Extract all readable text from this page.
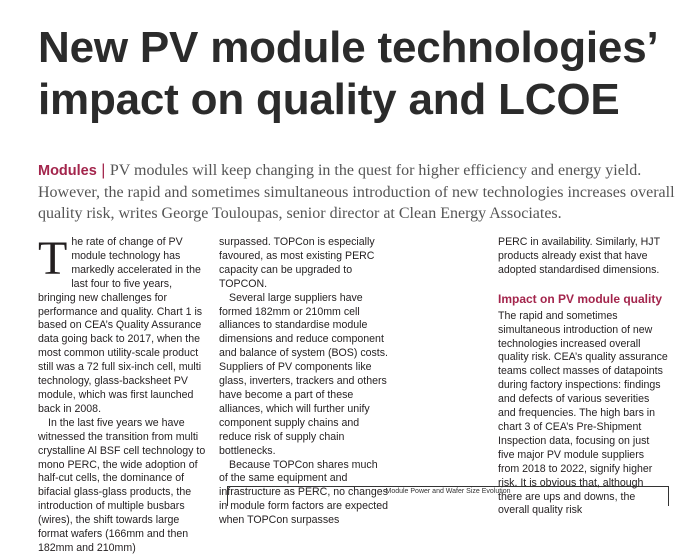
New PV module technologies’ impact on quality and LCOE

Modules | PV modules will keep changing in the quest for higher efficiency and energy yield. However, the rapid and sometimes simultaneous introduction of new technologies increases overall quality risk, writes George Touloupas, senior director at Clean Energy Associates.

The rate of change of PV module technology has markedly accelerated in the last four to five years, bringing new challenges for performance and quality. Chart 1 is based on CEA’s Quality Assurance data going back to 2017, when the most common utility-scale product still was a 72 full six-inch cell, multi technology, glass-backsheet PV module, which was first launched back in 2008.

In the last five years we have witnessed the transition from multi crystalline Al BSF cell technology to mono PERC, the wide adoption of half-cut cells, the dominance of bifacial glass-glass products, the introduction of multiple busbars (wires), the shift towards large format wafers (166mm and then 182mm and 210mm)

surpassed. TOPCon is especially favoured, as most existing PERC capacity can be upgraded to TOPCON.

Several large suppliers have formed 182mm or 210mm cell alliances to standardise module dimensions and reduce component and balance of system (BOS) costs. Suppliers of PV components like glass, inverters, trackers and others have become a part of these alliances, which will further unify component supply chains and reduce risk of supply chain bottlenecks.

Because TOPCon shares much of the same equipment and infrastructure as PERC, no changes in module form factors are expected when TOPCon surpasses

PERC in availability. Similarly, HJT products already exist that have adopted standardised dimensions.

Impact on PV module quality

The rapid and sometimes simultaneous introduction of new technologies increased overall quality risk. CEA’s quality assurance teams collect masses of datapoints during factory inspections: findings and defects of various severities and frequencies. The high bars in chart 3 of CEA’s Pre-Shipment Inspection data, focusing on just five major PV module suppliers from 2018 to 2022, signify higher risk. It is obvious that, although there are ups and downs, the overall quality risk

Module Power and Wafer Size Evolution
